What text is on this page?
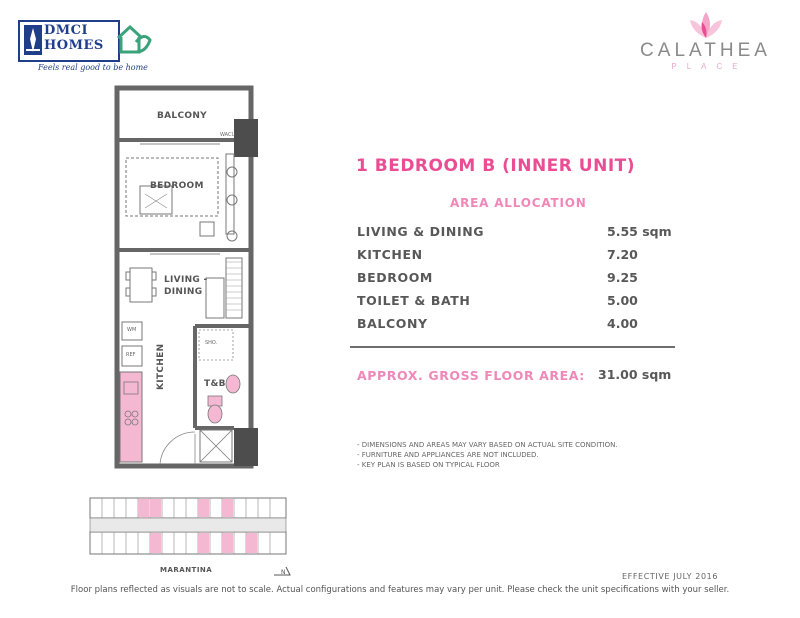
DMCI
HOMES
Feels real good to be home
CALATHEA
PLACE
BALCONY
BEDROOM
LIVING -
DINING
KITCHEN	T&B
WACU
WM
REF
SHO.
1 BEDROOM B (INNER UNIT)
AREA ALLOCATION
LIVING & DINING	5.55 sqm
KITCHEN	7.20
BEDROOM	9.25
TOILET & BATH	5.00
BALCONY	4.00
APPROX. GROSS FLOOR AREA: 31.00 sqm
- DIMENSIONS AND AREAS MAY VARY BASED ON ACTUAL SITE CONDITION.
- FURNITURE AND APPLIANCES ARE NOT INCLUDED.
- KEY PLAN IS BASED ON TYPICAL FLOOR
MARANTINA	N	EFFECTIVE JULY 2016
Floor plans reflected as visuals are not to scale. Actual configurations and features may vary per unit. Please check the unit specifications with your seller.
